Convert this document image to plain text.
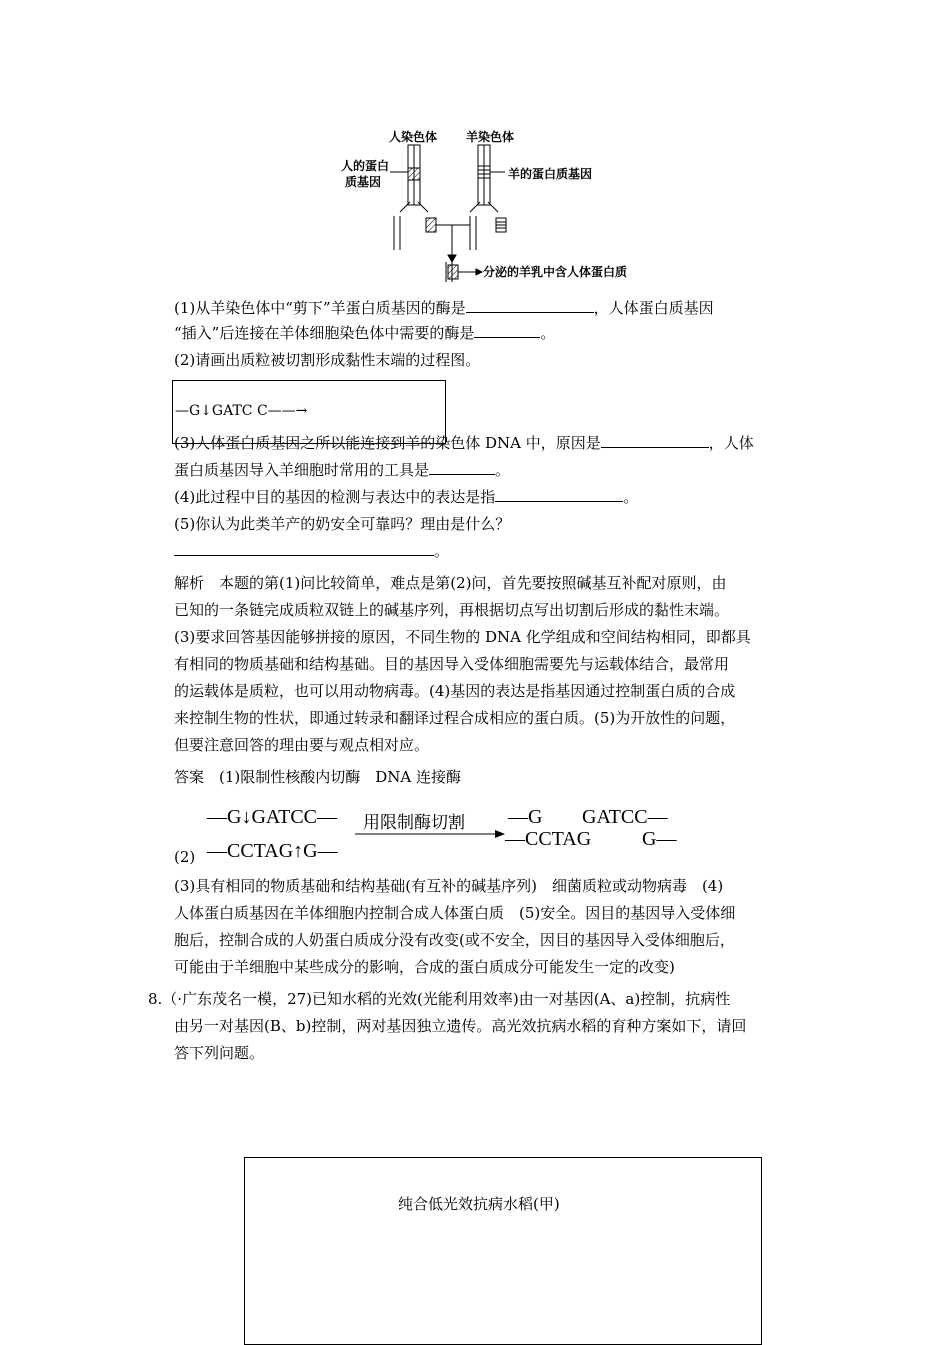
人染色体 羊染色体
人的蛋白
质基因
羊的蛋白质基因
分泌的羊乳中含人体蛋白质
(1)从羊染色体中“剪下”羊蛋白质基因的酶是	，人体蛋白质基因
“插入”后连接在羊体细胞染色体中需要的酶是	。
(2)请画出质粒被切割形成黏性末端的过程图。
—G↓GATC C——→
(3)人体蛋白质基因之所以能连接到羊的染色体 DNA 中，原因是	，人体
蛋白质基因导入羊细胞时常用的工具是	。
(4)此过程中目的基因的检测与表达中的表达是指	。
(5)你认为此类羊产的奶安全可靠吗？理由是什么？
。
解析　本题的第(1)问比较简单，难点是第(2)问，首先要按照碱基互补配对原则，由
已知的一条链完成质粒双链上的碱基序列，再根据切点写出切割后形成的黏性末端。
(3)要求回答基因能够拼接的原因，不同生物的 DNA 化学组成和空间结构相同，即都具
有相同的物质基础和结构基础。目的基因导入受体细胞需要先与运载体结合，最常用
的运载体是质粒，也可以用动物病毒。(4)基因的表达是指基因通过控制蛋白质的合成
来控制生物的性状，即通过转录和翻译过程合成相应的蛋白质。(5)为开放性的问题，
但要注意回答的理由要与观点相对应。
答案　(1)限制性核酸内切酶　DNA 连接酶
—G↓GATCC—
—CCTAG↑G—
(2)
用限制酶切割 —G GATCC—
—CCTAG	G—
(3)具有相同的物质基础和结构基础(有互补的碱基序列)　细菌质粒或动物病毒　(4)
人体蛋白质基因在羊体细胞内控制合成人体蛋白质　(5)安全。因目的基因导入受体细
胞后，控制合成的人奶蛋白质成分没有改变(或不安全，因目的基因导入受体细胞后，
可能由于羊细胞中某些成分的影响，合成的蛋白质成分可能发生一定的改变)
8.（·广东茂名一模，27)已知水稻的光效(光能利用效率)由一对基因(A、a)控制，抗病性
由另一对基因(B、b)控制，两对基因独立遗传。高光效抗病水稻的育种方案如下，请回
答下列问题。
纯合低光效抗病水稻(甲)
